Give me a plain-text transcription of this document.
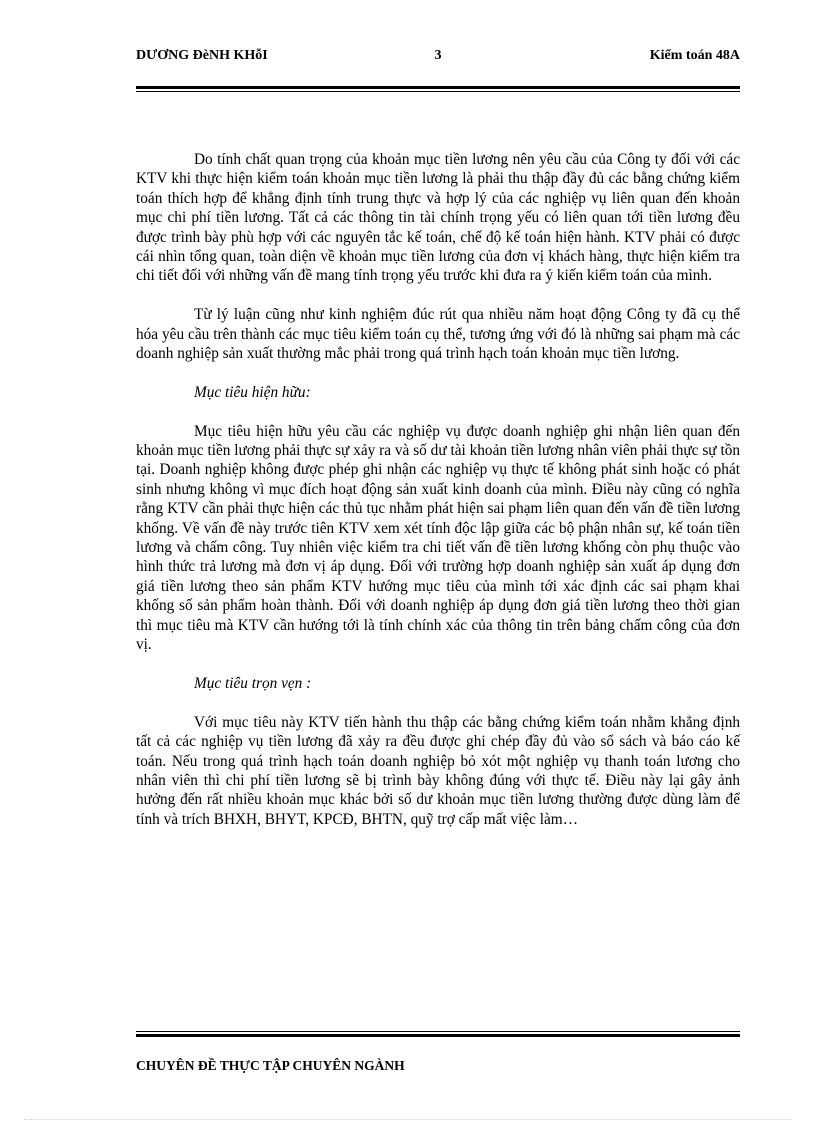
DƯƠNG ĐèNH KHỗI	3	Kiểm toán 48A

Do tính chất quan trọng của khoản mục tiền lương nên yêu cầu của Công ty đối với các KTV khi thực hiện kiểm toán khoản mục tiền lương là phải thu thập đầy đủ các bằng chứng kiểm toán thích hợp để khẳng định tính trung thực và hợp lý của các nghiệp vụ liên quan đến khoản mục chi phí tiền lương. Tất cả các thông tin tài chính trọng yếu có liên quan tới tiền lương đều được trình bày phù hợp với các nguyên tắc kế toán, chế độ kế toán hiện hành. KTV phải có được cái nhìn tổng quan, toàn diện về khoản mục tiền lương của đơn vị khách hàng, thực hiện kiểm tra chi tiết đối với những vấn đề mang tính trọng yếu trước khi đưa ra ý kiến kiểm toán của mình.

Từ lý luận cũng như kinh nghiệm đúc rút qua nhiều năm hoạt động Công ty đã cụ thể hóa yêu cầu trên thành các mục tiêu kiểm toán cụ thể, tương ứng với đó là những sai phạm mà các doanh nghiệp sản xuất thường mắc phải trong quá trình hạch toán khoản mục tiền lương.

Mục tiêu hiện hữu:

Mục tiêu hiện hữu yêu cầu các nghiệp vụ được doanh nghiệp ghi nhận liên quan đến khoản mục tiền lương phải thực sự xảy ra và số dư tài khoản tiền lương nhân viên phải thực sự tồn tại. Doanh nghiệp không được phép ghi nhận các nghiệp vụ thực tế không phát sinh hoặc có phát sinh nhưng không vì mục đích hoạt động sản xuất kinh doanh của mình. Điều này cũng có nghĩa rằng KTV cần phải thực hiện các thủ tục nhằm phát hiện sai phạm liên quan đến vấn đề tiền lương khống. Về vấn đề này trước tiên KTV xem xét tính độc lập giữa các bộ phận nhân sự, kế toán tiền lương và chấm công. Tuy nhiên việc kiểm tra chi tiết vấn đề tiền lương khống còn phụ thuộc vào hình thức trả lương mà đơn vị áp dụng. Đối với trường hợp doanh nghiệp sản xuất áp dụng đơn giá tiền lương theo sản phẩm KTV hướng mục tiêu của mình tới xác định các sai phạm khai khống số sản phẩm hoàn thành. Đối với doanh nghiệp áp dụng đơn giá tiền lương theo thời gian thì mục tiêu mà KTV cần hướng tới là tính chính xác của thông tin trên bảng chấm công của đơn vị.

Mục tiêu trọn vẹn :

Với mục tiêu này KTV tiến hành thu thập các bằng chứng kiểm toán nhằm khẳng định tất cả các nghiệp vụ tiền lương đã xảy ra đều được ghi chép đầy đủ vào sổ sách và báo cáo kế toán. Nếu trong quá trình hạch toán doanh nghiệp bỏ xót một nghiệp vụ thanh toán lương cho nhân viên thì chi phí tiền lương sẽ bị trình bày không đúng với thực tế. Điều này lại gây ảnh hưởng đến rất nhiều khoản mục khác bởi số dư khoản mục tiền lương thường được dùng làm để tính và trích BHXH, BHYT, KPCĐ, BHTN, quỹ trợ cấp mất việc làm…

CHUYÊN ĐỀ THỰC TẬP CHUYÊN NGÀNH
